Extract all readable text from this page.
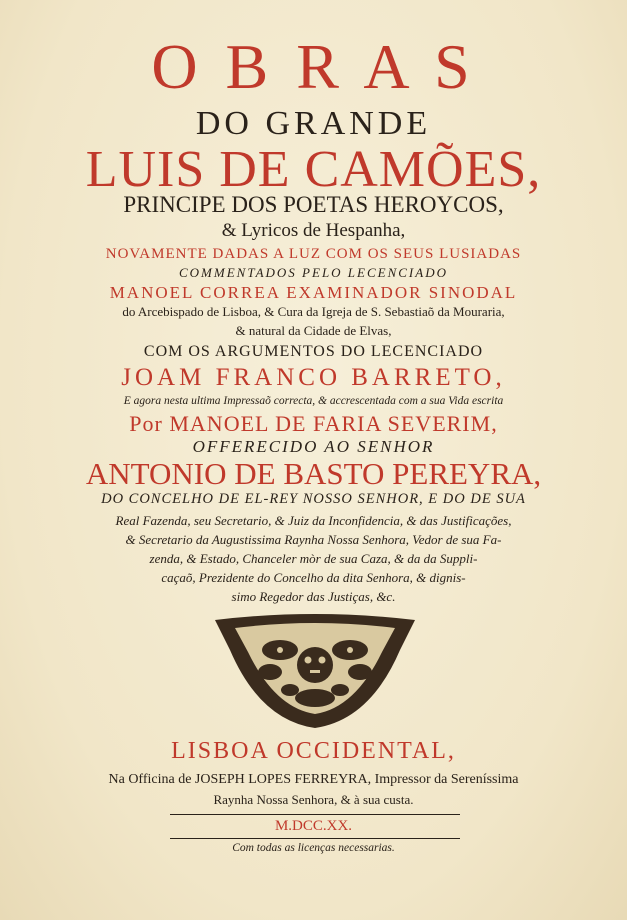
O B R A S
DO GRANDE
LUIS DE CAMÕES,
PRINCIPE DOS POETAS HEROYCOS,
& Lyricos de Hespanha,
NOVAMENTE DADAS A LUZ COM OS SEUS LUSIADAS
COMMENTADOS PELO LECENCIADO
MANOEL CORREA EXAMINADOR SINODAL
do Arcebispado de Lisboa, & Cura da Igreja de S. Sebastiaõ da Mouraria,
& natural da Cidade de Elvas,
COM OS ARGUMENTOS DO LECENCIADO
JOAM FRANCO BARRETO,
E agora nesta ultima Impressaõ correcta, & accrescentada com a sua Vida escrita
Por MANOEL DE FARIA SEVERIM,
OFFERECIDO AO SENHOR
ANTONIO DE BASTO PEREYRA,
DO CONCELHO DE EL-REY NOSSO SENHOR, E DO DE SUA
Real Fazenda, seu Secretario, & Juiz da Inconfidencia, & das Justificações,
& Secretario da Augustissima Raynha Nossa Senhora, Vedor de sua Fa-
zenda, & Estado, Chanceler mòr de sua Caza, & da da Suppli-
caçaõ, Prezidente do Concelho da dita Senhora, & dignis-
simo Regedor das Justiças, &c.
LISBOA OCCIDENTAL,
Na Officina de JOSEPH LOPES FERREYRA, Impressor da Sereníssima
Raynha Nossa Senhora, & à sua custa.
M.DCC.XX.
Com todas as licenças necessarias.
